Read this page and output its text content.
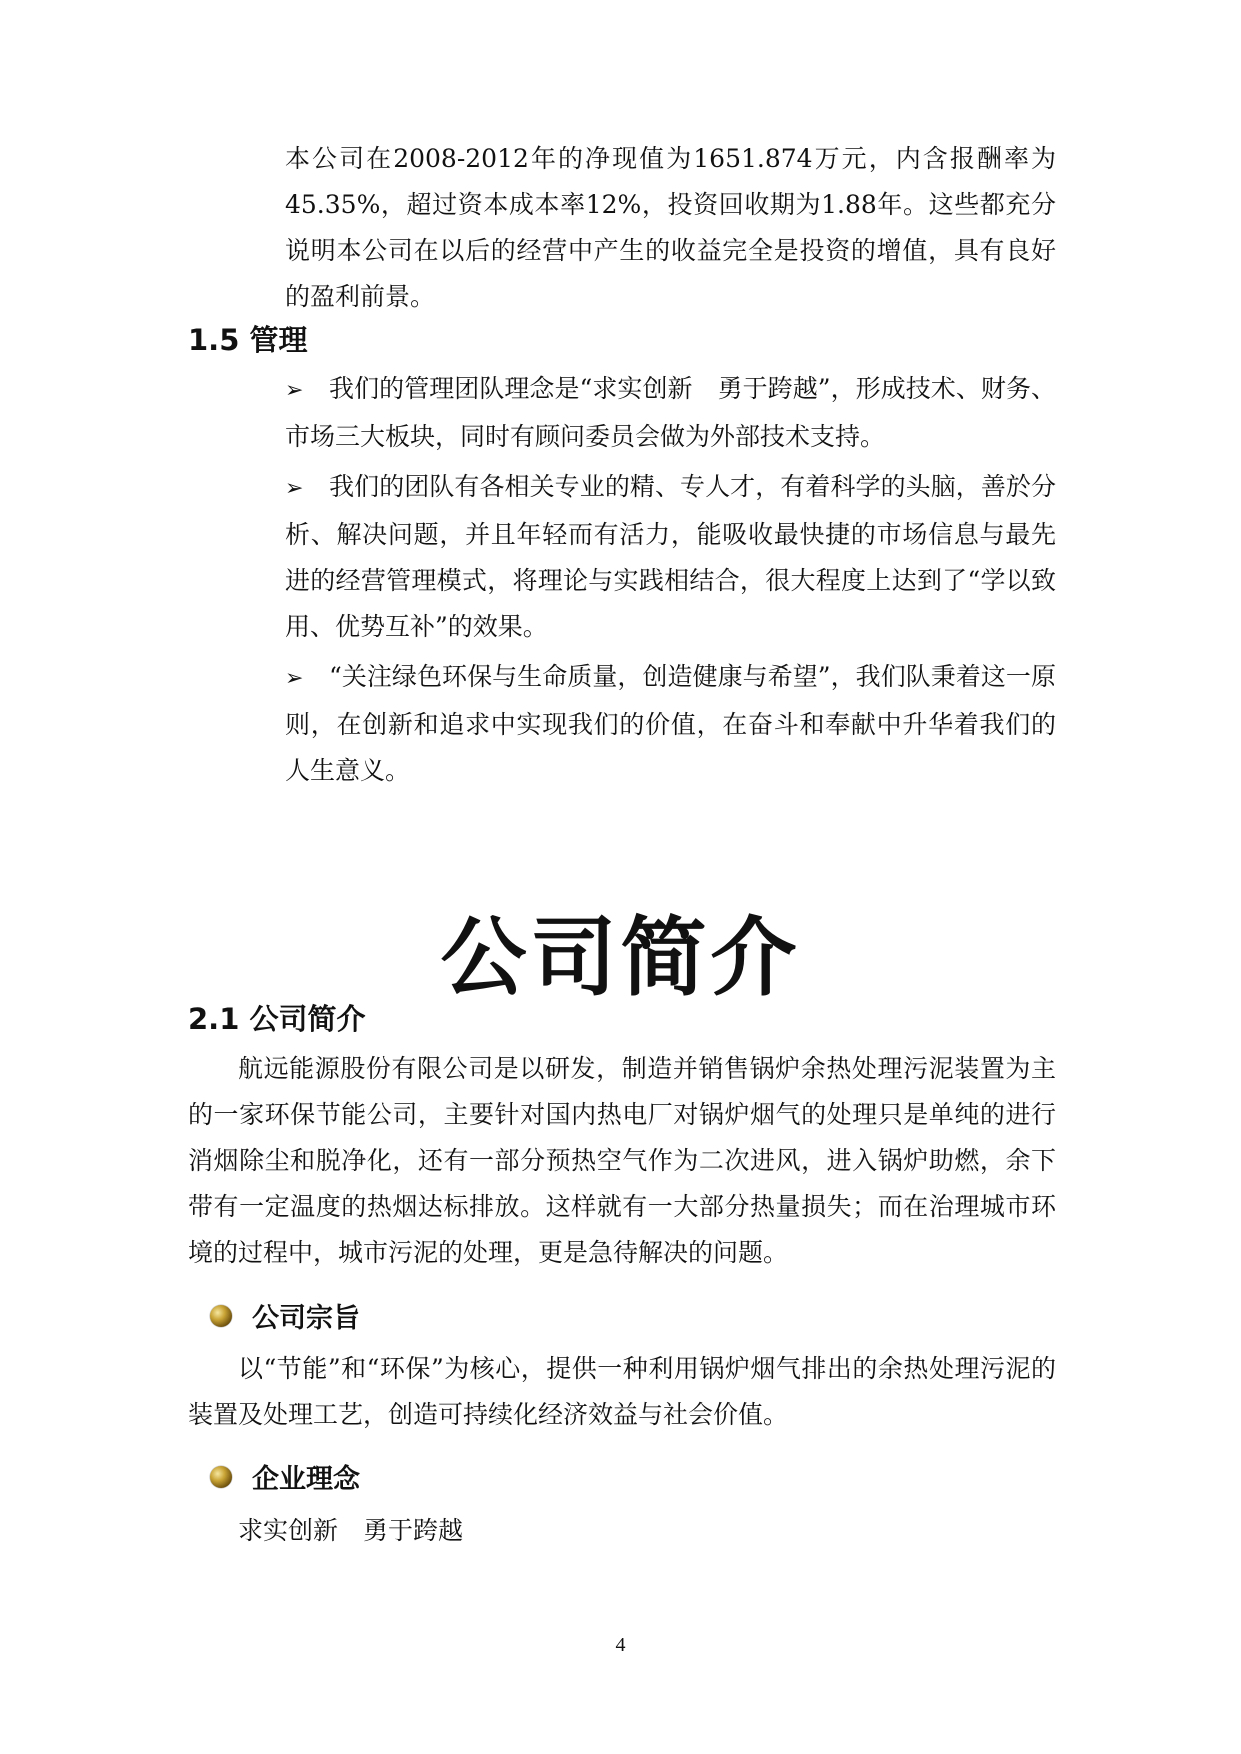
本公司在2008-2012年的净现值为1651.874万元，内含报酬率为45.35%，超过资本成本率12%，投资回收期为1.88年。这些都充分说明本公司在以后的经营中产生的收益完全是投资的增值，具有良好的盈利前景。

1.5 管理

➢ 我们的管理团队理念是“求实创新　勇于跨越”，形成技术、财务、市场三大板块，同时有顾问委员会做为外部技术支持。

➢ 我们的团队有各相关专业的精、专人才，有着科学的头脑，善於分析、解决问题，并且年轻而有活力，能吸收最快捷的市场信息与最先进的经营管理模式，将理论与实践相结合，很大程度上达到了“学以致用、优势互补”的效果。

➢ “关注绿色环保与生命质量，创造健康与希望”，我们队秉着这一原则，在创新和追求中实现我们的价值，在奋斗和奉献中升华着我们的人生意义。

公司简介
2.1 公司简介

航远能源股份有限公司是以研发，制造并销售锅炉余热处理污泥装置为主的一家环保节能公司，主要针对国内热电厂对锅炉烟气的处理只是单纯的进行消烟除尘和脱净化，还有一部分预热空气作为二次进风，进入锅炉助燃，余下带有一定温度的热烟达标排放。这样就有一大部分热量损失；而在治理城市环境的过程中，城市污泥的处理，更是急待解决的问题。

公司宗旨

以“节能”和“环保”为核心，提供一种利用锅炉烟气排出的余热处理污泥的装置及处理工艺，创造可持续化经济效益与社会价值。

企业理念

求实创新　勇于跨越

4
